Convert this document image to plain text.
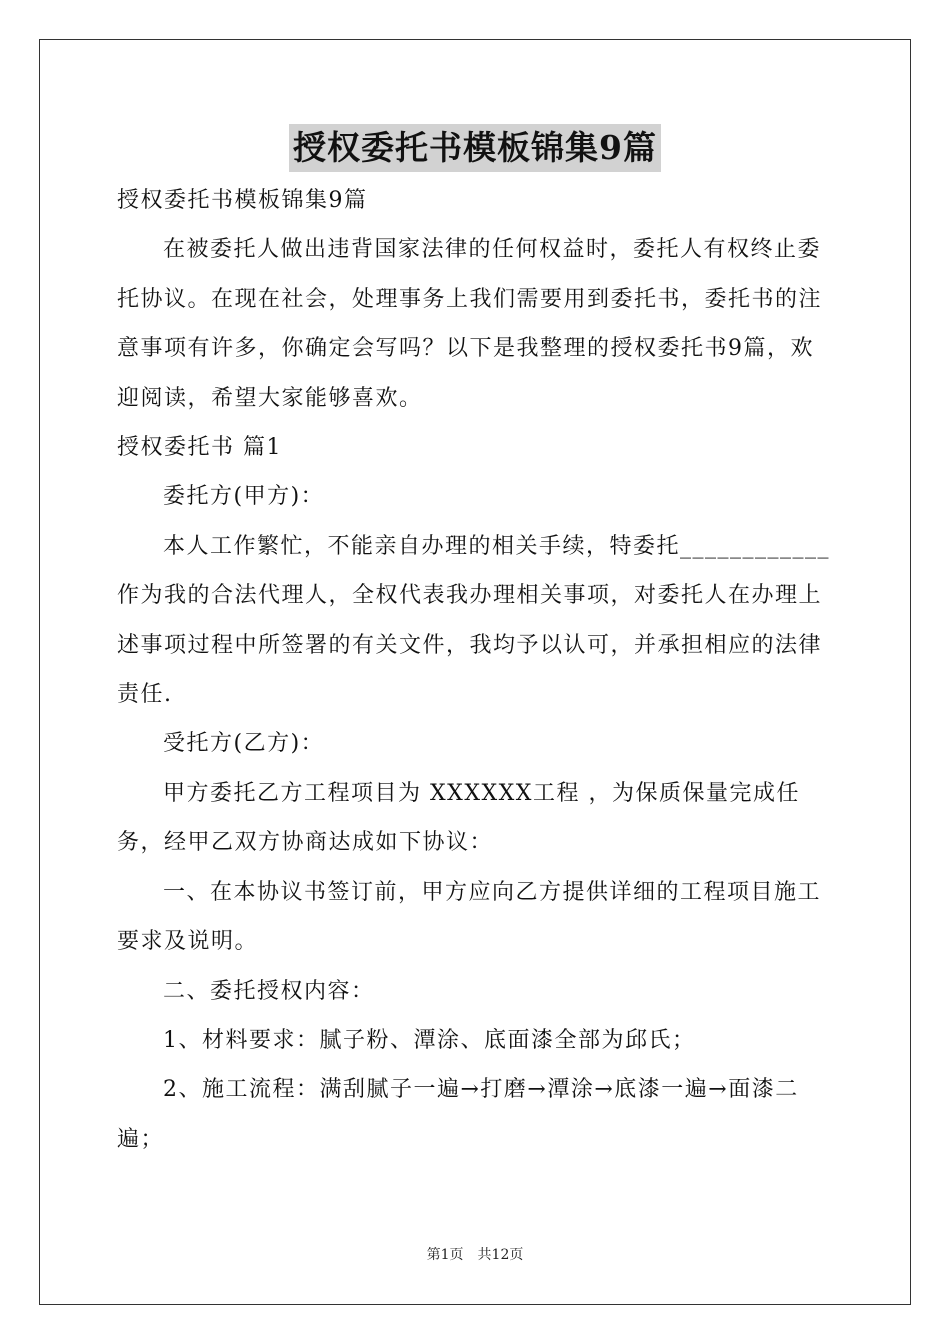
授权委托书模板锦集9篇

授权委托书模板锦集9篇

在被委托人做出违背国家法律的任何权益时，委托人有权终止委托协议。在现在社会，处理事务上我们需要用到委托书，委托书的注意事项有许多，你确定会写吗？以下是我整理的授权委托书9篇，欢迎阅读，希望大家能够喜欢。

授权委托书 篇1

委托方(甲方)：

本人工作繁忙，不能亲自办理的相关手续，特委托____________作为我的合法代理人，全权代表我办理相关事项，对委托人在办理上述事项过程中所签署的有关文件，我均予以认可，并承担相应的法律责任.

受托方(乙方)：

甲方委托乙方工程项目为 XXXXXX工程 ，为保质保量完成任务，经甲乙双方协商达成如下协议：

一、在本协议书签订前，甲方应向乙方提供详细的工程项目施工要求及说明。

二、委托授权内容：

1、材料要求：腻子粉、潭涂、底面漆全部为邱氏；

2、施工流程：满刮腻子一遍→打磨→潭涂→底漆一遍→面漆二遍；

第1页　共12页
